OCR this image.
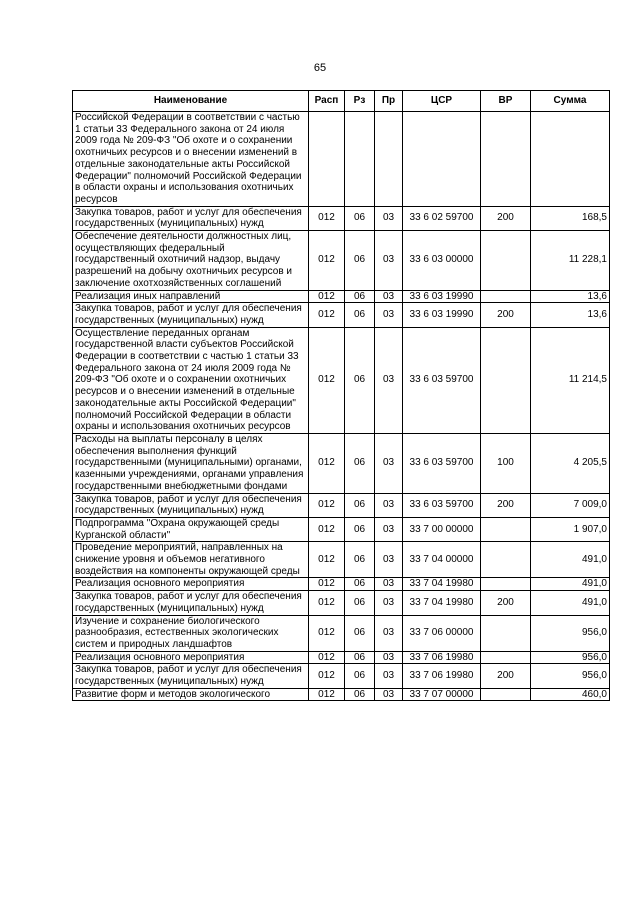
65
Наименование	Расп	Рз	Пр	ЦСР	ВР	Сумма
Российской Федерации в соответствии с частью 1 статьи 33 Федерального закона от 24 июля 2009 года № 209-ФЗ "Об охоте и о сохранении охотничьих ресурсов и о внесении изменений в отдельные законодательные акты Российской Федерации" полномочий Российской Федерации в области охраны и использования охотничьих ресурсов						
Закупка товаров, работ и услуг для обеспечения государственных (муниципальных) нужд	012	06	03	33 6 02 59700	200	168,5
Обеспечение деятельности должностных лиц, осуществляющих федеральный государственный охотничий надзор, выдачу разрешений на добычу охотничьих ресурсов и заключение охотхозяйственных соглашений	012	06	03	33 6 03 00000		11 228,1
Реализация иных направлений	012	06	03	33 6 03 19990		13,6
Закупка товаров, работ и услуг для обеспечения государственных (муниципальных) нужд	012	06	03	33 6 03 19990	200	13,6
Осуществление переданных органам государственной власти субъектов Российской Федерации в соответствии с частью 1 статьи 33 Федерального закона от 24 июля 2009 года № 209-ФЗ "Об охоте и о сохранении охотничьих ресурсов и о внесении изменений в отдельные законодательные акты Российской Федерации" полномочий Российской Федерации в области охраны и использования охотничьих ресурсов	012	06	03	33 6 03 59700		11 214,5
Расходы на выплаты персоналу в целях обеспечения выполнения функций государственными (муниципальными) органами, казенными учреждениями, органами управления государственными внебюджетными фондами	012	06	03	33 6 03 59700	100	4 205,5
Закупка товаров, работ и услуг для обеспечения государственных (муниципальных) нужд	012	06	03	33 6 03 59700	200	7 009,0
Подпрограмма "Охрана окружающей среды Курганской области"	012	06	03	33 7 00 00000		1 907,0
Проведение мероприятий, направленных на снижение уровня и объемов негативного воздействия на компоненты окружающей среды	012	06	03	33 7 04 00000		491,0
Реализация основного мероприятия	012	06	03	33 7 04 19980		491,0
Закупка товаров, работ и услуг для обеспечения государственных (муниципальных) нужд	012	06	03	33 7 04 19980	200	491,0
Изучение и сохранение биологического разнообразия, естественных экологических систем и природных ландшафтов	012	06	03	33 7 06 00000		956,0
Реализация основного мероприятия	012	06	03	33 7 06 19980		956,0
Закупка товаров, работ и услуг для обеспечения государственных (муниципальных) нужд	012	06	03	33 7 06 19980	200	956,0
Развитие форм и методов экологического	012	06	03	33 7 07 00000		460,0
